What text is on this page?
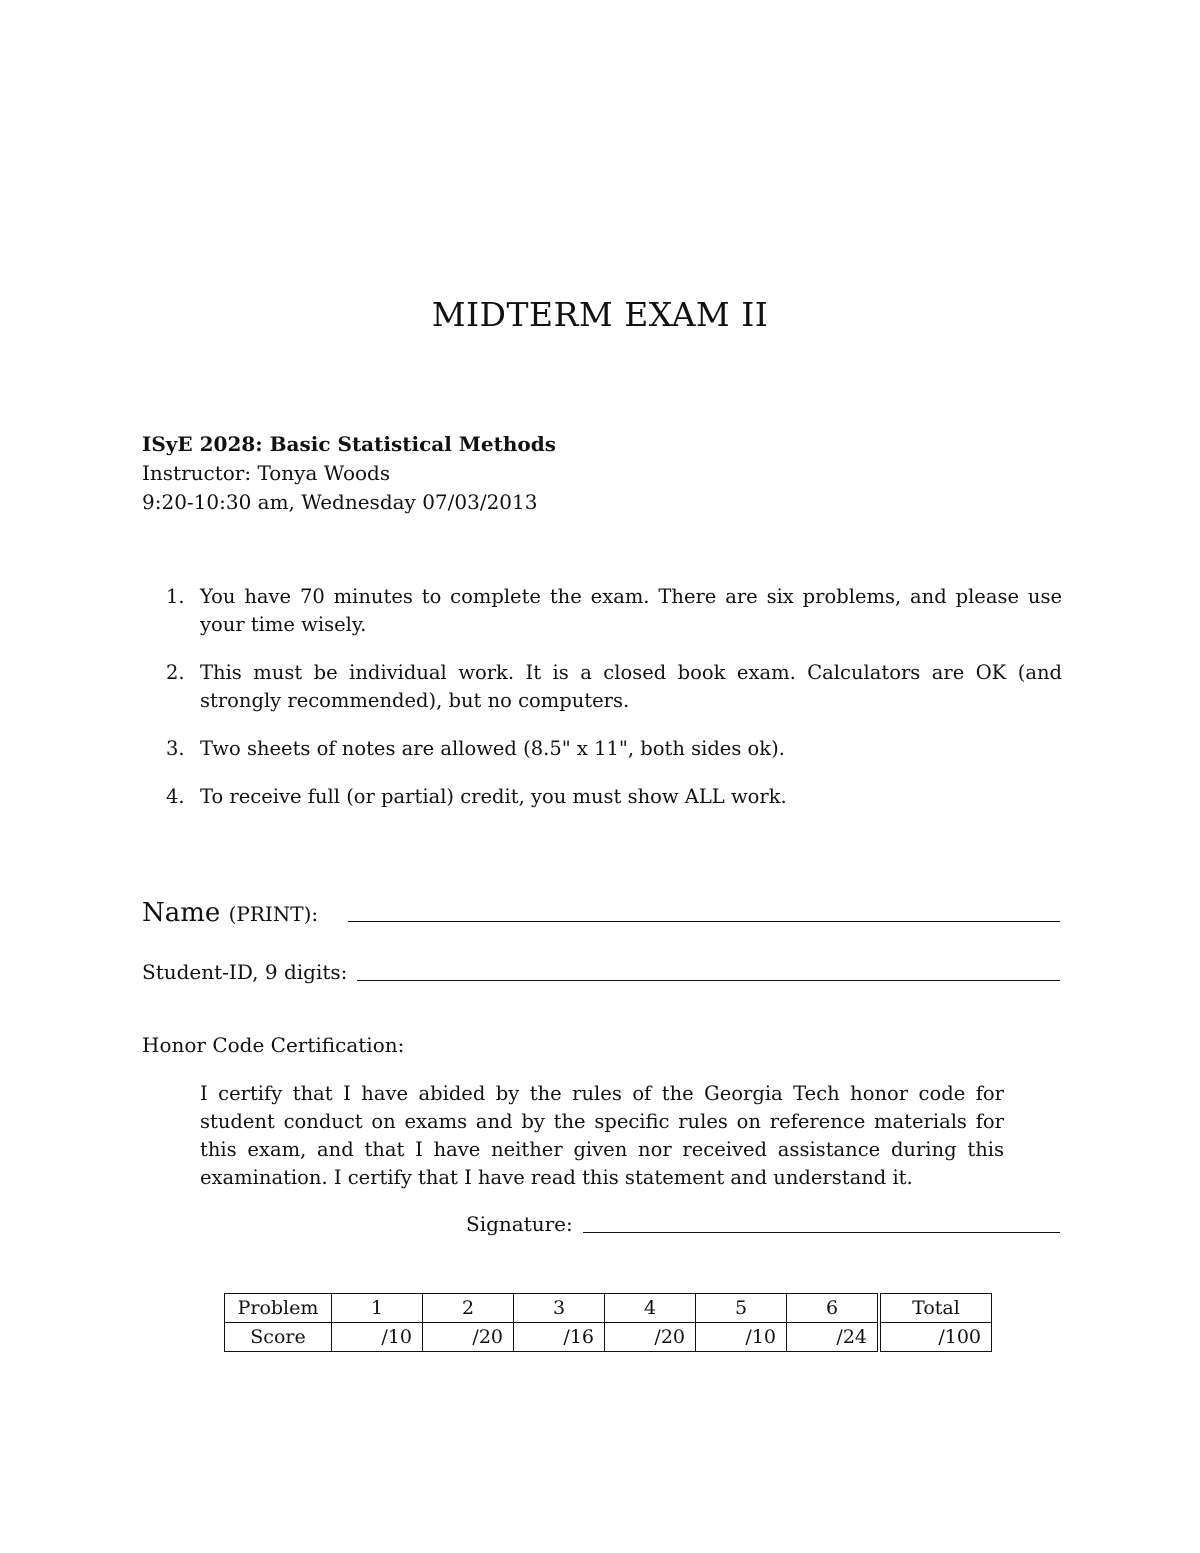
MIDTERM EXAM II
ISyE 2028: Basic Statistical Methods
Instructor: Tonya Woods
9:20-10:30 am, Wednesday 07/03/2013
1. You have 70 minutes to complete the exam. There are six problems, and please use your time wisely.
2. This must be individual work. It is a closed book exam. Calculators are OK (and strongly recommended), but no computers.
3. Two sheets of notes are allowed (8.5" x 11", both sides ok).
4. To receive full (or partial) credit, you must show ALL work.
Name (PRINT):
Student-ID, 9 digits:
Honor Code Certification:
I certify that I have abided by the rules of the Georgia Tech honor code for student conduct on exams and by the specific rules on reference materials for this exam, and that I have neither given nor received assistance during this examination. I certify that I have read this statement and understand it.
Signature:
Problem	1	2	3	4	5	6	Total
Score	/10	/20	/16	/20	/10	/24	/100
